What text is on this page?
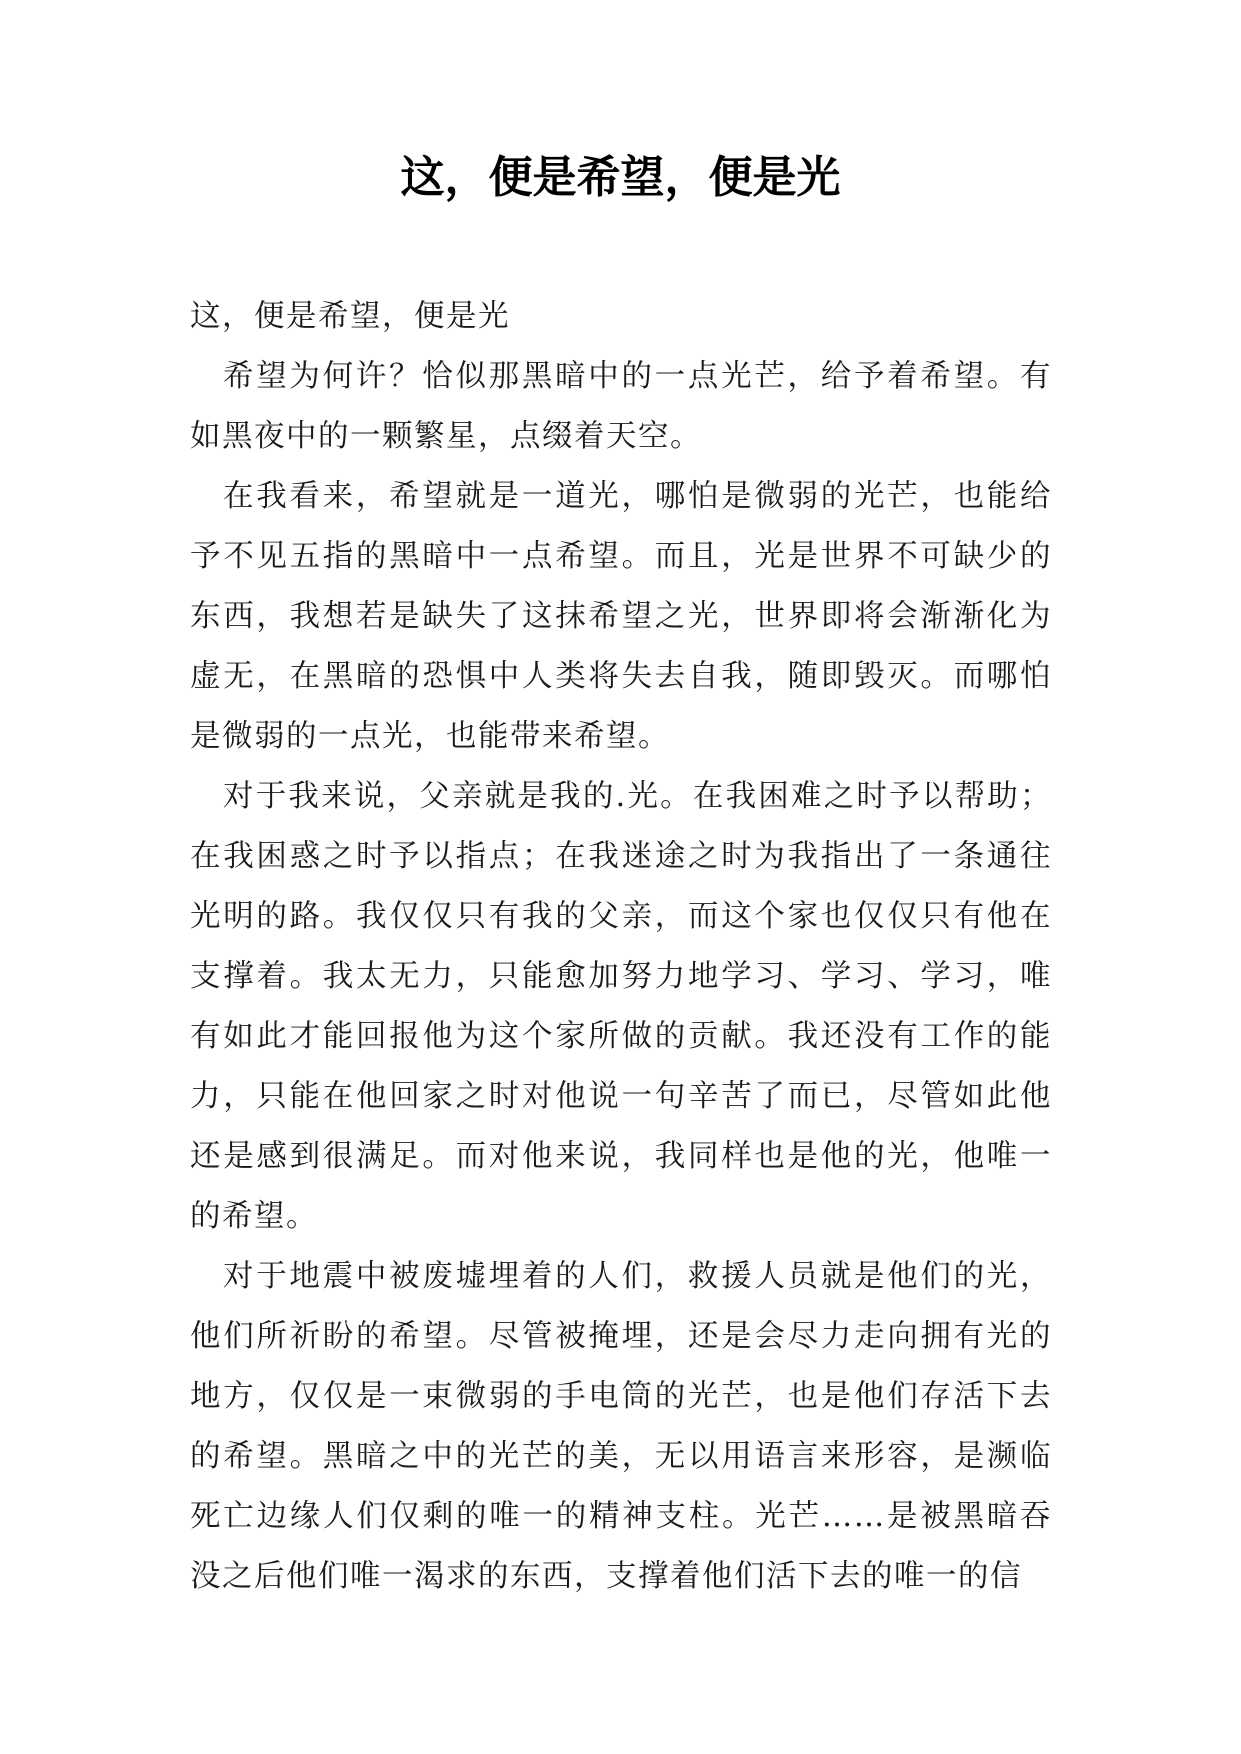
这，便是希望，便是光

这，便是希望，便是光

希望为何许？恰似那黑暗中的一点光芒，给予着希望。有如黑夜中的一颗繁星，点缀着天空。

在我看来，希望就是一道光，哪怕是微弱的光芒，也能给予不见五指的黑暗中一点希望。而且，光是世界不可缺少的东西，我想若是缺失了这抹希望之光，世界即将会渐渐化为虚无，在黑暗的恐惧中人类将失去自我，随即毁灭。而哪怕是微弱的一点光，也能带来希望。

对于我来说，父亲就是我的.光。在我困难之时予以帮助；在我困惑之时予以指点；在我迷途之时为我指出了一条通往光明的路。我仅仅只有我的父亲，而这个家也仅仅只有他在支撑着。我太无力，只能愈加努力地学习、学习、学习，唯有如此才能回报他为这个家所做的贡献。我还没有工作的能力，只能在他回家之时对他说一句辛苦了而已，尽管如此他还是感到很满足。而对他来说，我同样也是他的光，他唯一的希望。

对于地震中被废墟埋着的人们，救援人员就是他们的光，他们所祈盼的希望。尽管被掩埋，还是会尽力走向拥有光的地方，仅仅是一束微弱的手电筒的光芒，也是他们存活下去的希望。黑暗之中的光芒的美，无以用语言来形容，是濒临死亡边缘人们仅剩的唯一的精神支柱。光芒……是被黑暗吞没之后他们唯一渴求的东西，支撑着他们活下去的唯一的信
